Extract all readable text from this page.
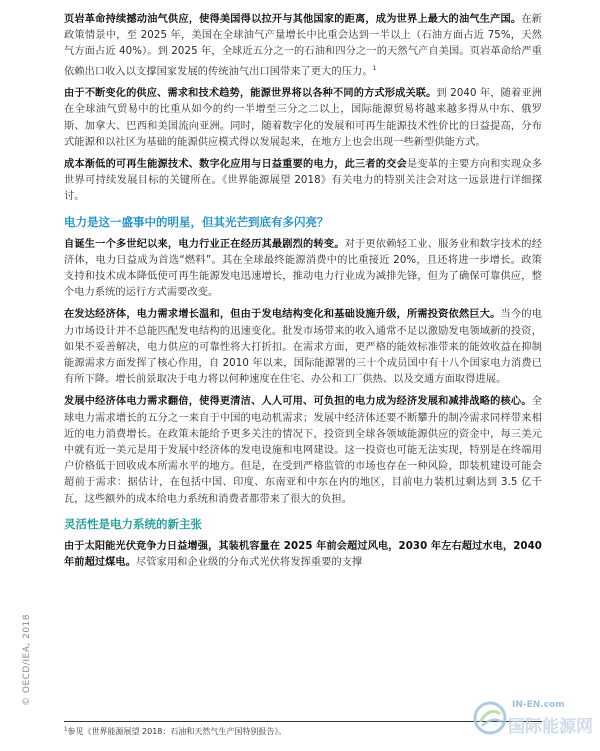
页岩革命持续撼动油气供应，使得美国得以拉开与其他国家的距离，成为世界上最大的油气生产国。在新政策情景中，至 2025 年，美国在全球油气产量增长中比重会达到一半以上（石油方面占近 75%，天然气方面占近 40%）。到 2025 年，全球近五分之一的石油和四分之一的天然气产自美国。页岩革命给严重依赖出口收入以支撑国家发展的传统油气出口国带来了更大的压力。$^1$

由于不断变化的供应、需求和技术趋势，能源世界将以各种不同的方式形成关联。到 2040 年，随着亚洲在全球油气贸易中的比重从如今的约一半增至三分之二以上，国际能源贸易将越来越多得从中东、俄罗斯、加拿大、巴西和美国流向亚洲。同时，随着数字化的发展和可再生能源技术性价比的日益提高，分布式能源和以社区为基础的能源供应模式得以发展起来，在地方上也会出现一些新型供能方式。

成本渐低的可再生能源技术、数字化应用与日益重要的电力，此三者的交会是变革的主要方向和实现众多世界可持续发展目标的关键所在。《世界能源展望 2018》有关电力的特别关注会对这一远景进行详细探讨。

电力是这一盛事中的明星，但其光芒到底有多闪亮？

自诞生一个多世纪以来，电力行业正在经历其最剧烈的转变。对于更依赖轻工业、服务业和数字技术的经济体，电力日益成为首选“燃料”。其在全球最终能源消费中的比重接近 20%，且还将进一步增长。政策支持和技术成本降低使可再生能源发电迅速增长，推动电力行业成为减排先锋，但为了确保可靠供应，整个电力系统的运行方式需要改变。

在发达经济体，电力需求增长温和，但由于发电结构变化和基础设施升级，所需投资依然巨大。当今的电力市场设计并不总能匹配发电结构的迅速变化。批发市场带来的收入通常不足以激励发电领域新的投资，如果不妥善解决，电力供应的可靠性将大打折扣。在需求方面，更严格的能效标准带来的能效收益在抑制能源需求方面发挥了核心作用，自 2010 年以来，国际能源署的三十个成员国中有十八个国家电力消费已有所下降。增长前景取决于电力将以何种速度在住宅、办公和工厂供热、以及交通方面取得进展。

发展中经济体电力需求翻倍，使得更清洁、人人可用、可负担的电力成为经济发展和减排战略的核心。全球电力需求增长的五分之一来自于中国的电动机需求；发展中经济体还要不断攀升的制冷需求同样带来相近的电力消费增长。在政策未能给予更多关注的情况下，投资到全球各领域能源供应的资金中，每三美元中就有近一美元是用于发展中经济体的发电设施和电网建设。这一投资也可能无法实现，特别是在终端用户价格低于回收成本所需水平的地方。但是，在受到严格监管的市场也存在一种风险，即装机建设可能会超前于需求：据估计，在包括中国、印度、东南亚和中东在内的地区，目前电力装机过剩达到 3.5 亿千瓦，这些额外的成本给电力系统和消费者都带来了很大的负担。

灵活性是电力系统的新主张

由于太阳能光伏竞争力日益增强，其装机容量在 2025 年前会超过风电，2030 年左右超过水电，2040 年前超过煤电。尽管家用和企业级的分布式光伏将发挥重要的支撑

© OECD/IEA, 2018
$^1$参见《世界能源展望 2018：石油和天然气生产国特别报告》。
IN-EN.com
国际能源网
